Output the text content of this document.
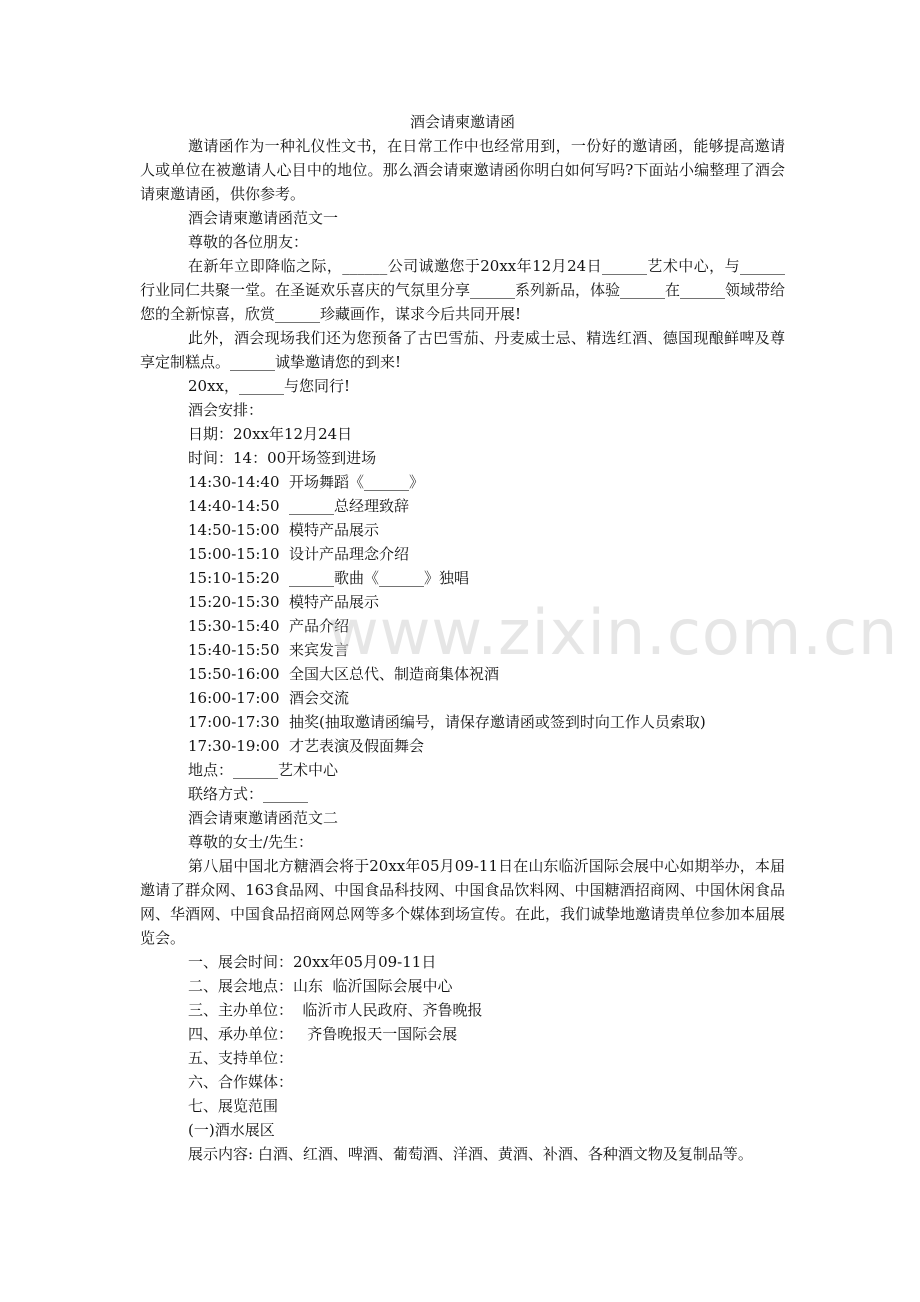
酒会请柬邀请函

邀请函作为一种礼仪性文书，在日常工作中也经常用到，一份好的邀请函，能够提高邀请人或单位在被邀请人心目中的地位。那么酒会请柬邀请函你明白如何写吗?下面站小编整理了酒会请柬邀请函，供你参考。

酒会请柬邀请函范文一

尊敬的各位朋友：

在新年立即降临之际，______公司诚邀您于20xx年12月24日______艺术中心，与______行业同仁共聚一堂。在圣诞欢乐喜庆的气氛里分享______系列新品，体验______在______领域带给您的全新惊喜，欣赏______珍藏画作，谋求今后共同开展!

此外，酒会现场我们还为您预备了古巴雪茄、丹麦威士忌、精选红酒、德国现酿鲜啤及尊享定制糕点。______诚挚邀请您的到来!

20xx，______与您同行!

酒会安排：

日期：20xx年12月24日

时间：14：00开场签到进场

14:30-14:40  开场舞蹈《______》

14:40-14:50  ______总经理致辞

14:50-15:00  模特产品展示

15:00-15:10  设计产品理念介绍

15:10-15:20  ______歌曲《______》独唱

15:20-15:30  模特产品展示

15:30-15:40  产品介绍

15:40-15:50  来宾发言

15:50-16:00  全国大区总代、制造商集体祝酒

16:00-17:00  酒会交流

17:00-17:30  抽奖(抽取邀请函编号，请保存邀请函或签到时向工作人员索取)

17:30-19:00  才艺表演及假面舞会

地点：______艺术中心

联络方式：______

酒会请柬邀请函范文二

尊敬的女士/先生：

第八届中国北方糖酒会将于20xx年05月09-11日在山东临沂国际会展中心如期举办，本届邀请了群众网、163食品网、中国食品科技网、中国食品饮料网、中国糖酒招商网、中国休闲食品网、华酒网、中国食品招商网总网等多个媒体到场宣传。在此，我们诚挚地邀请贵单位参加本届展览会。

一、展会时间：20xx年05月09-11日

二、展会地点：山东  临沂国际会展中心

三、主办单位：  临沂市人民政府、齐鲁晚报

四、承办单位：   齐鲁晚报天一国际会展

五、支持单位：

六、合作媒体：

七、展览范围

(一)酒水展区

展示内容: 白酒、红酒、啤酒、葡萄酒、洋酒、黄酒、补酒、各种酒文物及复制品等。

www.zixin.com.cn
